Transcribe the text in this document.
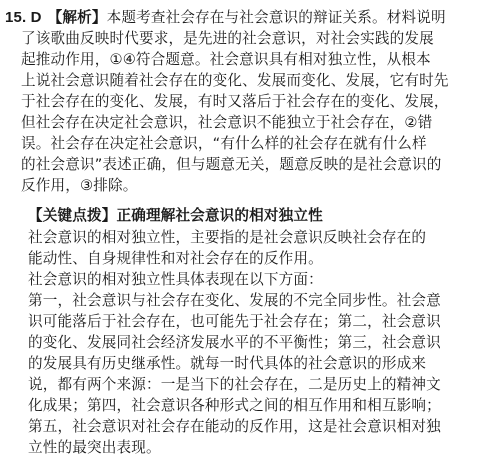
15. D 【解析】本题考查社会存在与社会意识的辩证关系。材料说明
了该歌曲反映时代要求，是先进的社会意识，对社会实践的发展
起推动作用，①④符合题意。社会意识具有相对独立性，从根本
上说社会意识随着社会存在的变化、发展而变化、发展，它有时先
于社会存在的变化、发展，有时又落后于社会存在的变化、发展，
但社会存在决定社会意识，社会意识不能独立于社会存在，②错
误。社会存在决定社会意识，“有什么样的社会存在就有什么样
的社会意识”表述正确，但与题意无关，题意反映的是社会意识的
反作用，③排除。
【关键点拨】正确理解社会意识的相对独立性
社会意识的相对独立性，主要指的是社会意识反映社会存在的
能动性、自身规律性和对社会存在的反作用。
社会意识的相对独立性具体表现在以下方面：
第一，社会意识与社会存在变化、发展的不完全同步性。社会意
识可能落后于社会存在，也可能先于社会存在；第二，社会意识
的变化、发展同社会经济发展水平的不平衡性；第三，社会意识
的发展具有历史继承性。就每一时代具体的社会意识的形成来
说，都有两个来源：一是当下的社会存在，二是历史上的精神文
化成果；第四，社会意识各种形式之间的相互作用和相互影响；
第五，社会意识对社会存在能动的反作用，这是社会意识相对独
立性的最突出表现。
